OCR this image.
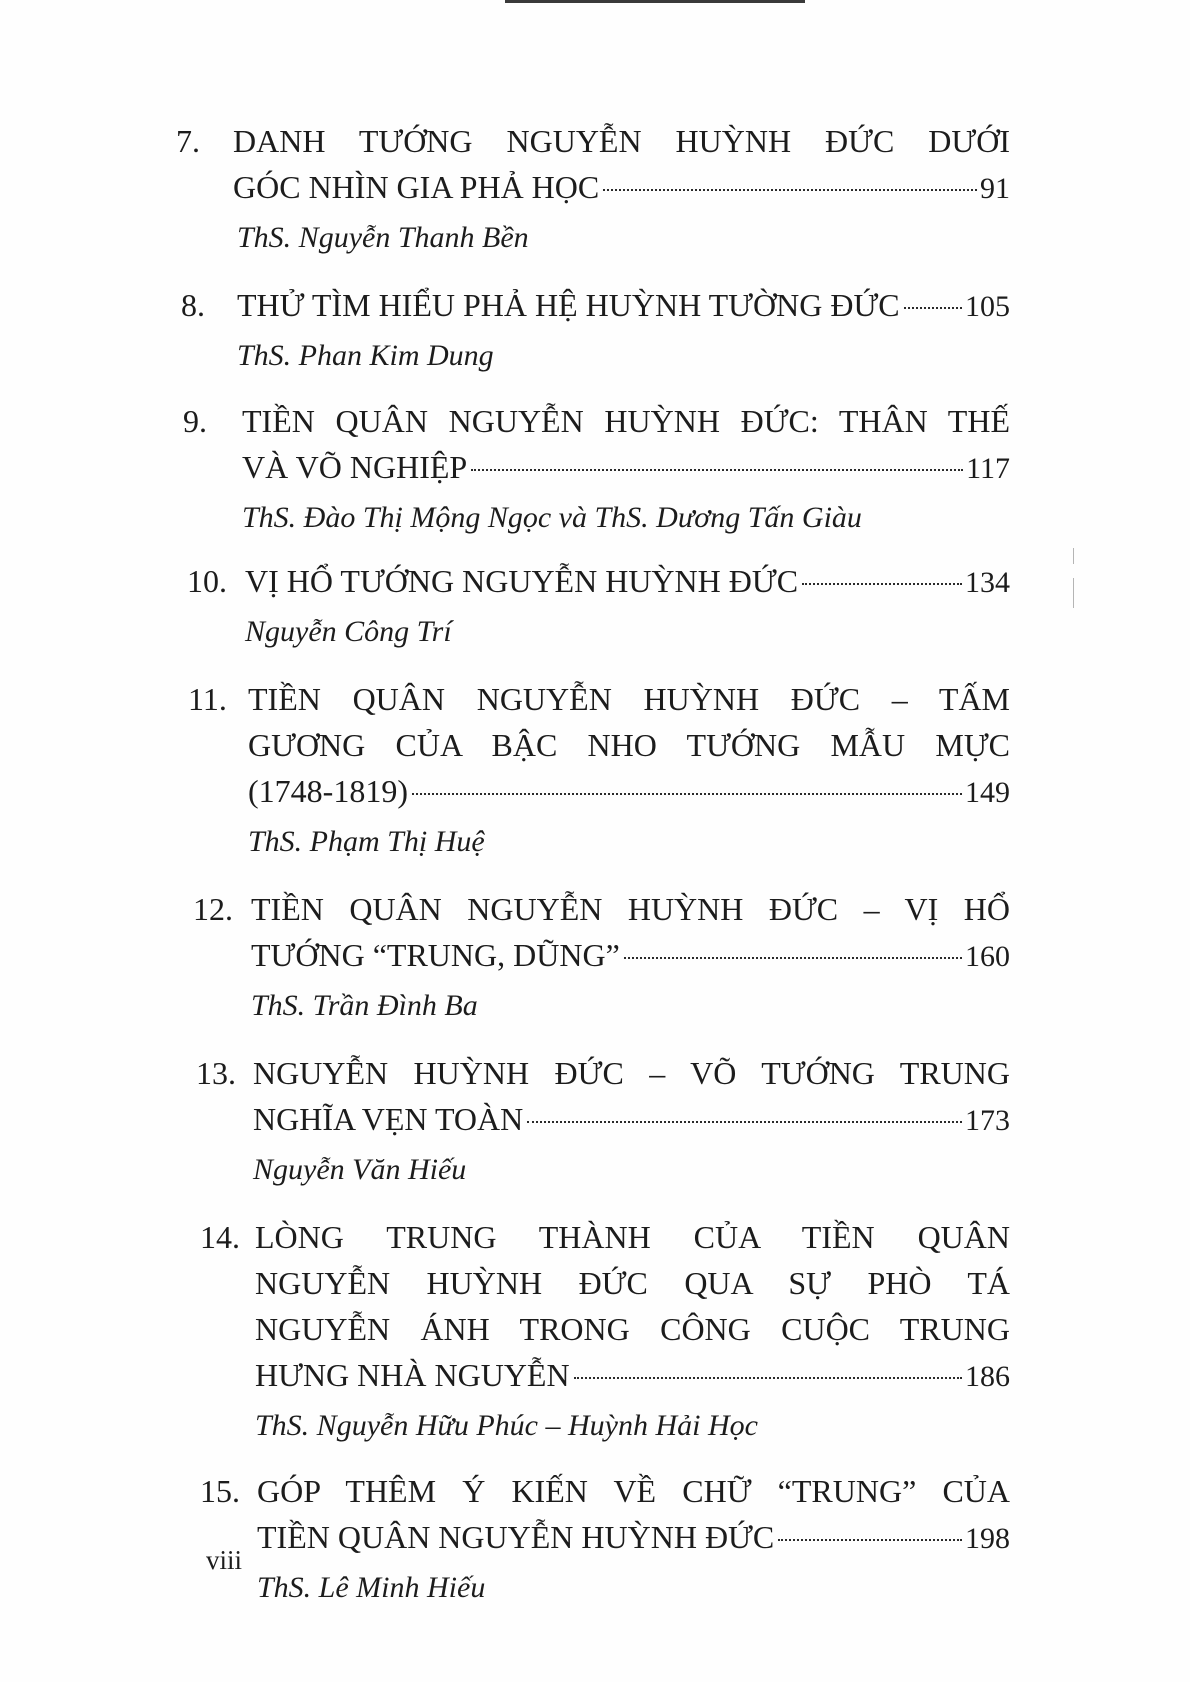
7. DANH TƯỚNG NGUYỄN HUỲNH ĐỨC DƯỚI
GÓC NHÌN GIA PHẢ HỌC	91
ThS. Nguyễn Thanh Bền
8. THỬ TÌM HIỂU PHẢ HỆ HUỲNH TƯỜNG ĐỨC 105
ThS. Phan Kim Dung
9. TIỀN QUÂN NGUYỄN HUỲNH ĐỨC: THÂN THẾ
VÀ VÕ NGHIỆP	117
ThS. Đào Thị Mộng Ngọc và ThS. Dương Tấn Giàu
10. VỊ HỔ TƯỚNG NGUYỄN HUỲNH ĐỨC	134
Nguyễn Công Trí
11. TIỀN QUÂN NGUYỄN HUỲNH ĐỨC – TẤM
GƯƠNG CỦA BẬC NHO TƯỚNG MẪU MỰC
(1748-1819)	149
ThS. Phạm Thị Huệ
12. TIỀN QUÂN NGUYỄN HUỲNH ĐỨC – VỊ HỔ
TƯỚNG “TRUNG, DŨNG”	160
ThS. Trần Đình Ba
13. NGUYỄN HUỲNH ĐỨC – VÕ TƯỚNG TRUNG
NGHĨA VẸN TOÀN	173
Nguyễn Văn Hiếu
14. LÒNG TRUNG THÀNH CỦA TIỀN QUÂN
NGUYỄN HUỲNH ĐỨC QUA SỰ PHÒ TÁ
NGUYỄN ÁNH TRONG CÔNG CUỘC TRUNG
HƯNG NHÀ NGUYỄN	186
ThS. Nguyễn Hữu Phúc – Huỳnh Hải Học
15. GÓP THÊM Ý KIẾN VỀ CHỮ “TRUNG” CỦA
TIỀN QUÂN NGUYỄN HUỲNH ĐỨC	198
ThS. Lê Minh Hiếu
viii
